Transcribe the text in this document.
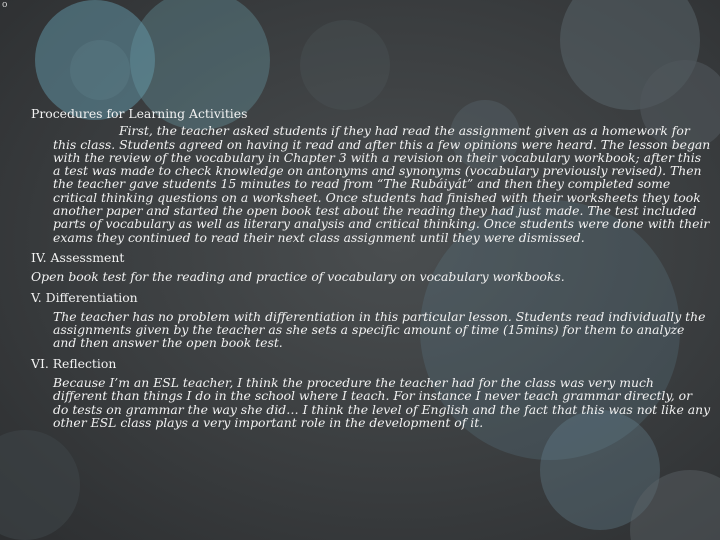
o
Procedures for Learning Activities

First, the teacher asked students if they had read the assignment given as a homework for this class. Students agreed on having it read and after this a few opinions were heard. The lesson began with the review of the vocabulary in Chapter 3 with a revision on their vocabulary workbook; after this a test was made to check knowledge on antonyms and synonyms (vocabulary previously revised). Then the teacher gave students 15 minutes to read from “The Rubáiyát” and then they completed some critical thinking questions on a worksheet. Once students had finished with their worksheets they took another paper and started the open book test about the reading they had just made. The test included parts of vocabulary as well as literary analysis and critical thinking. Once students were done with their exams they continued to read their next class assignment until they were dismissed.

IV. Assessment

Open book test for the reading and practice of vocabulary on vocabulary workbooks.

V. Differentiation

The teacher has no problem with differentiation in this particular lesson. Students read individually the assignments given by the teacher as she sets a specific amount of time (15mins) for them to analyze and then answer the open book test.

VI. Reflection

Because I’m an ESL teacher, I think the procedure the teacher had for the class was very much different than things I do in the school where I teach. For instance I never teach grammar directly, or do tests on grammar the way she did… I think the level of English and the fact that this was not like any other ESL class plays a very important role in the development of it.
